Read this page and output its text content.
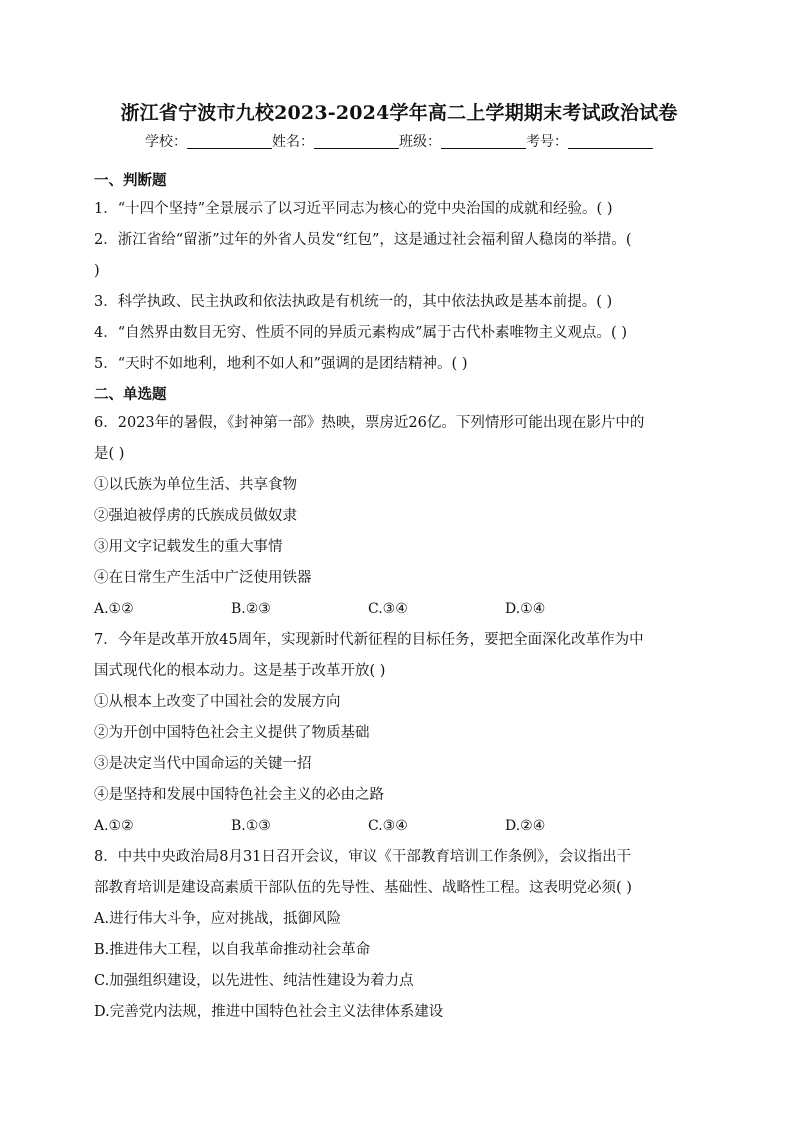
浙江省宁波市九校2023-2024学年高二上学期期末考试政治试卷
学校：	姓名：	班级：	考号：
一、判断题
1．“十四个坚持”全景展示了以习近平同志为核心的党中央治国的成就和经验。( )
2．浙江省给“留浙”过年的外省人员发“红包”，这是通过社会福利留人稳岗的举措。(
)
3．科学执政、民主执政和依法执政是有机统一的，其中依法执政是基本前提。( )
4．“自然界由数目无穷、性质不同的异质元素构成”属于古代朴素唯物主义观点。( )
5．“天时不如地利，地利不如人和”强调的是团结精神。( )
二、单选题
6．2023年的暑假，《封神第一部》热映，票房近26亿。下列情形可能出现在影片中的
是( )
①以氏族为单位生活、共享食物
②强迫被俘虏的氏族成员做奴隶
③用文字记载发生的重大事情
④在日常生产生活中广泛使用铁器
A.①②	B.②③	C.③④	D.①④
7．今年是改革开放45周年，实现新时代新征程的目标任务，要把全面深化改革作为中
国式现代化的根本动力。这是基于改革开放( )
①从根本上改变了中国社会的发展方向
②为开创中国特色社会主义提供了物质基础
③是决定当代中国命运的关键一招
④是坚持和发展中国特色社会主义的必由之路
A.①②	B.①③	C.③④	D.②④
8．中共中央政治局8月31日召开会议，审议《干部教育培训工作条例》，会议指出干
部教育培训是建设高素质干部队伍的先导性、基础性、战略性工程。这表明党必须( )
A.进行伟大斗争，应对挑战，抵御风险
B.推进伟大工程，以自我革命推动社会革命
C.加强组织建设，以先进性、纯洁性建设为着力点
D.完善党内法规，推进中国特色社会主义法律体系建设
